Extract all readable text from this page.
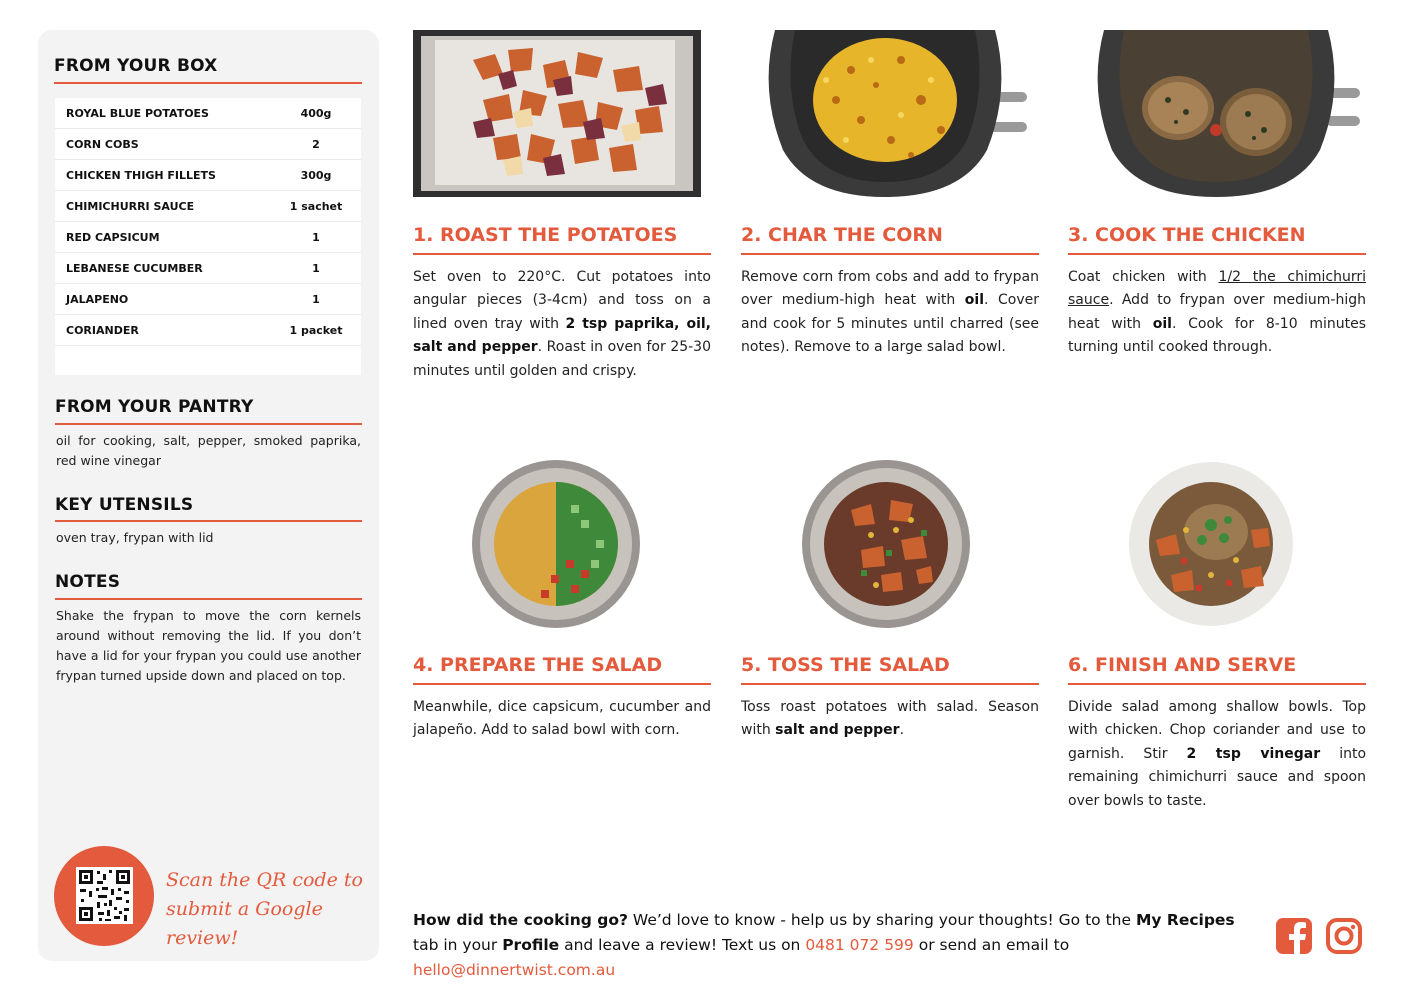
FROM YOUR BOX
ROYAL BLUE POTATOES	400g
CORN COBS	2
CHICKEN THIGH FILLETS	300g
CHIMICHURRI SAUCE	1 sachet
RED CAPSICUM	1
LEBANESE CUCUMBER	1
JALAPENO	1
CORIANDER	1 packet
FROM YOUR PANTRY
oil for cooking, salt, pepper, smoked paprika, red wine vinegar
KEY UTENSILS
oven tray, frypan with lid
NOTES
Shake the frypan to move the corn kernels around without removing the lid. If you don’t have a lid for your frypan you could use another frypan turned upside down and placed on top.
Scan the QR code to
submit a Google review!
1. ROAST THE POTATOES
Set oven to 220°C. Cut potatoes into angular pieces (3-4cm) and toss on a lined oven tray with 2 tsp paprika, oil, salt and pepper. Roast in oven for 25-30 minutes until golden and crispy.
2. CHAR THE CORN
Remove corn from cobs and add to frypan over medium-high heat with oil. Cover and cook for 5 minutes until charred (see notes). Remove to a large salad bowl.
3. COOK THE CHICKEN
Coat chicken with 1/2 the chimichurri sauce. Add to frypan over medium-high heat with oil. Cook for 8-10 minutes turning until cooked through.
4. PREPARE THE SALAD
Meanwhile, dice capsicum, cucumber and jalapeño. Add to salad bowl with corn.
5. TOSS THE SALAD
Toss roast potatoes with salad. Season with salt and pepper.
6. FINISH AND SERVE
Divide salad among shallow bowls. Top with chicken. Chop coriander and use to garnish. Stir 2 tsp vinegar into remaining chimichurri sauce and spoon over bowls to taste.
How did the cooking go? We’d love to know - help us by sharing your thoughts! Go to the My Recipes tab in your Profile and leave a review! Text us on 0481 072 599 or send an email to hello@dinnertwist.com.au
